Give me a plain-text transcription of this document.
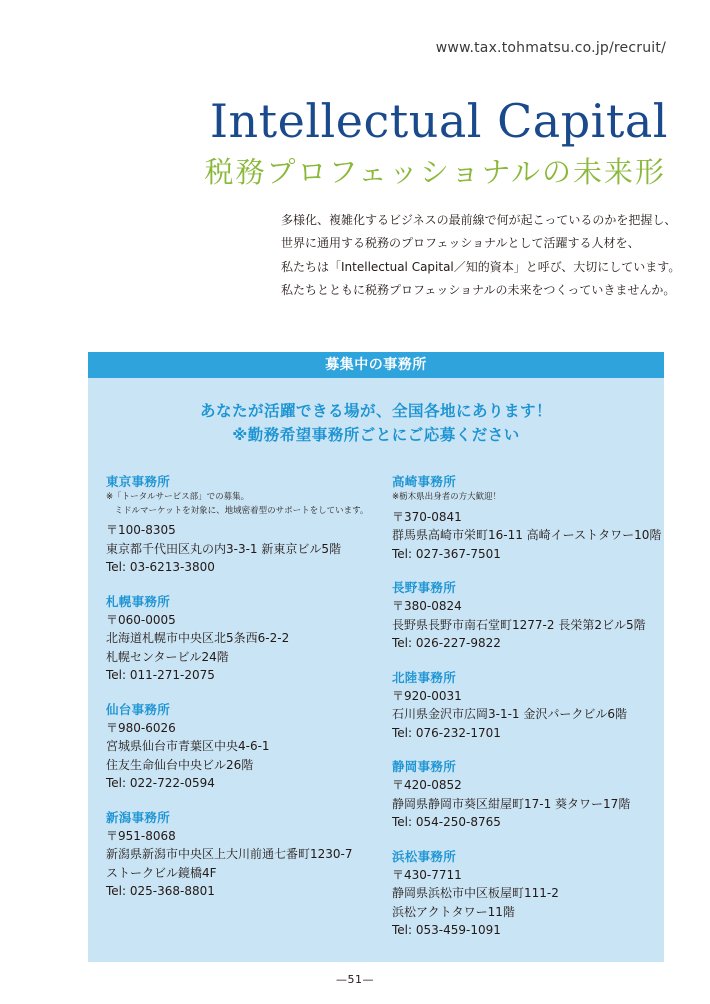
www.tax.tohmatsu.co.jp/recruit/
Intellectual Capital
税務プロフェッショナルの未来形
多様化、複雑化するビジネスの最前線で何が起こっているのかを把握し、
世界に通用する税務のプロフェッショナルとして活躍する人材を、
私たちは「Intellectual Capital／知的資本」と呼び、大切にしています。
私たちとともに税務プロフェッショナルの未来をつくっていきませんか。
募集中の事務所
あなたが活躍できる場が、全国各地にあります！
※勤務希望事務所ごとにご応募ください
東京事務所
※「トータルサービス部」での募集。
　ミドルマーケットを対象に、地域密着型のサポートをしています。
〒100-8305
東京都千代田区丸の内3-3-1 新東京ビル5階
Tel: 03-6213-3800
札幌事務所
〒060-0005
北海道札幌市中央区北5条西6-2-2
札幌センタービル24階
Tel: 011-271-2075
仙台事務所
〒980-6026
宮城県仙台市青葉区中央4-6-1
住友生命仙台中央ビル26階
Tel: 022-722-0594
新潟事務所
〒951-8068
新潟県新潟市中央区上大川前通七番町1230-7
ストークビル鏡橋4F
Tel: 025-368-8801
高崎事務所
※栃木県出身者の方大歓迎！
〒370-0841
群馬県高崎市栄町16-11 高崎イーストタワー10階
Tel: 027-367-7501
長野事務所
〒380-0824
長野県長野市南石堂町1277-2 長栄第2ビル5階
Tel: 026-227-9822
北陸事務所
〒920-0031
石川県金沢市広岡3-1-1 金沢パークビル6階
Tel: 076-232-1701
静岡事務所
〒420-0852
静岡県静岡市葵区紺屋町17-1 葵タワー17階
Tel: 054-250-8765
浜松事務所
〒430-7711
静岡県浜松市中区板屋町111-2
浜松アクトタワー11階
Tel: 053-459-1091
—51—
